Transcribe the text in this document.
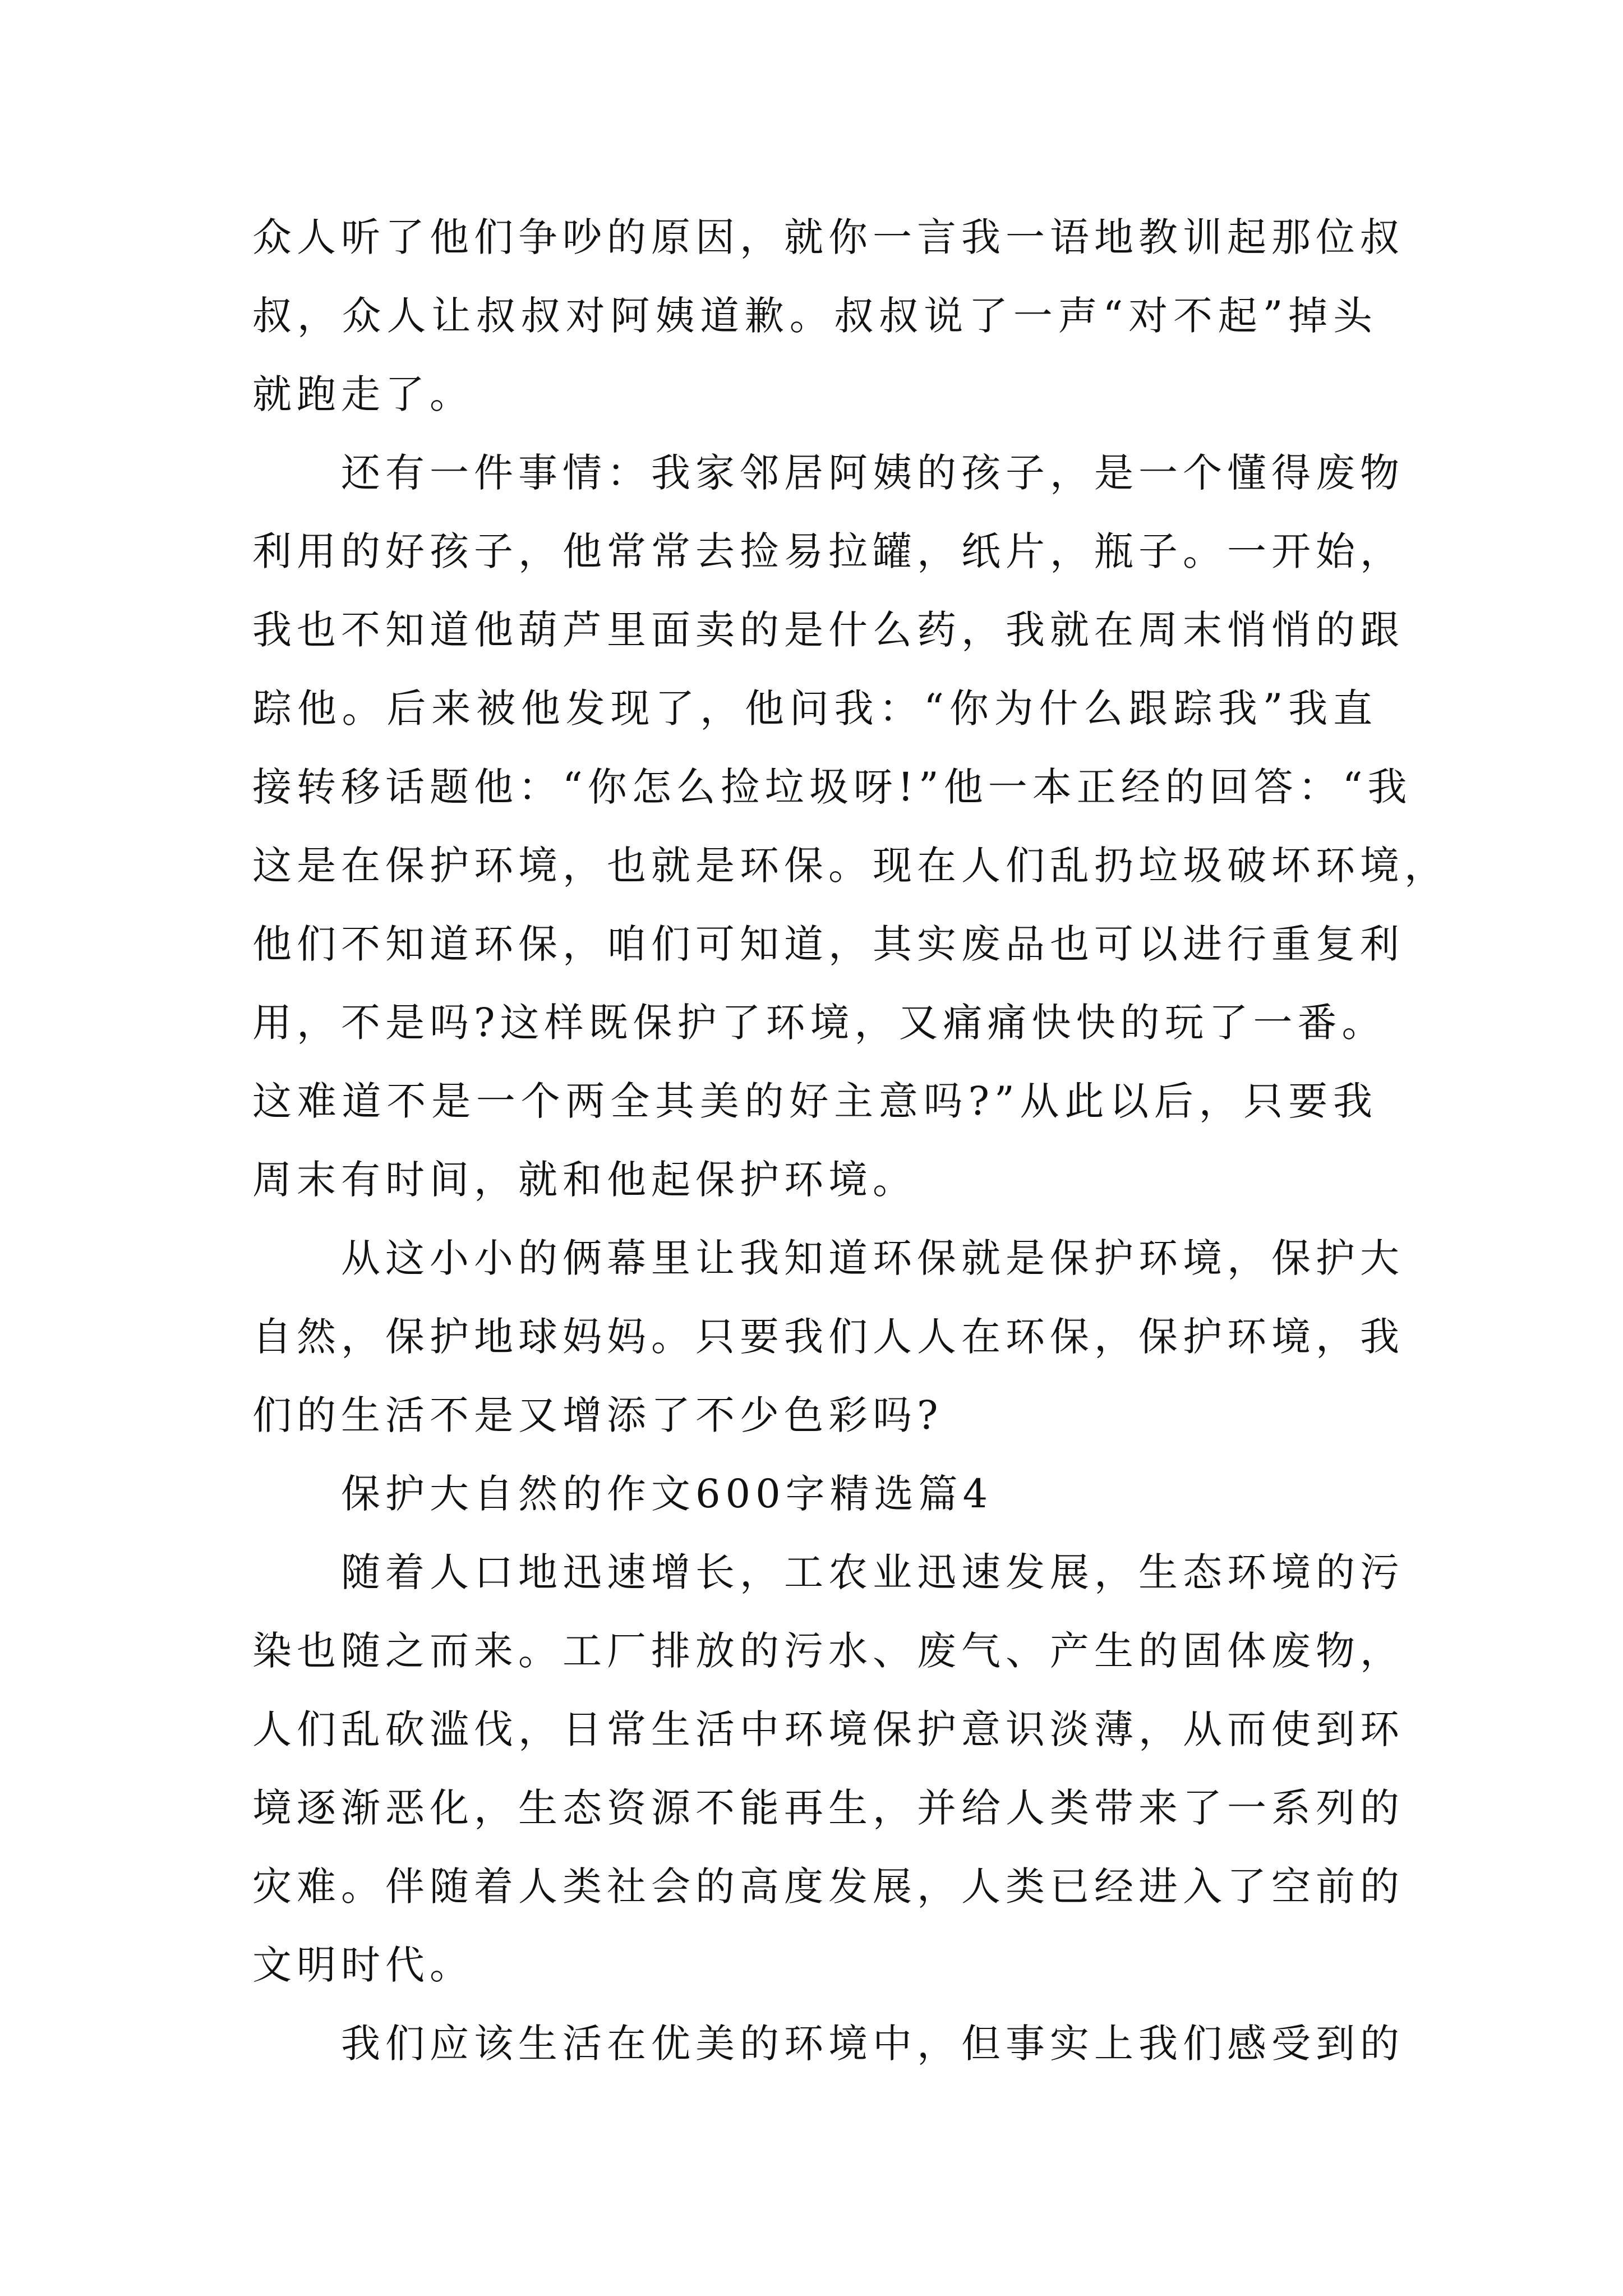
众人听了他们争吵的原因，就你一言我一语地教训起那位叔

叔，众人让叔叔对阿姨道歉。叔叔说了一声“对不起”掉头

就跑走了。

还有一件事情：我家邻居阿姨的孩子，是一个懂得废物

利用的好孩子，他常常去捡易拉罐，纸片，瓶子。一开始，

我也不知道他葫芦里面卖的是什么药，我就在周末悄悄的跟

踪他。后来被他发现了，他问我：“你为什么跟踪我”我直

接转移话题他：“你怎么捡垃圾呀!”他一本正经的回答：“我

这是在保护环境，也就是环保。现在人们乱扔垃圾破坏环境，

他们不知道环保，咱们可知道，其实废品也可以进行重复利

用，不是吗?这样既保护了环境，又痛痛快快的玩了一番。

这难道不是一个两全其美的好主意吗?”从此以后，只要我

周末有时间，就和他起保护环境。

从这小小的俩幕里让我知道环保就是保护环境，保护大

自然，保护地球妈妈。只要我们人人在环保，保护环境，我

们的生活不是又增添了不少色彩吗?

保护大自然的作文600字精选篇4

随着人口地迅速增长，工农业迅速发展，生态环境的污

染也随之而来。工厂排放的污水、废气、产生的固体废物，

人们乱砍滥伐，日常生活中环境保护意识淡薄，从而使到环

境逐渐恶化，生态资源不能再生，并给人类带来了一系列的

灾难。伴随着人类社会的高度发展，人类已经进入了空前的

文明时代。

我们应该生活在优美的环境中，但事实上我们感受到的
